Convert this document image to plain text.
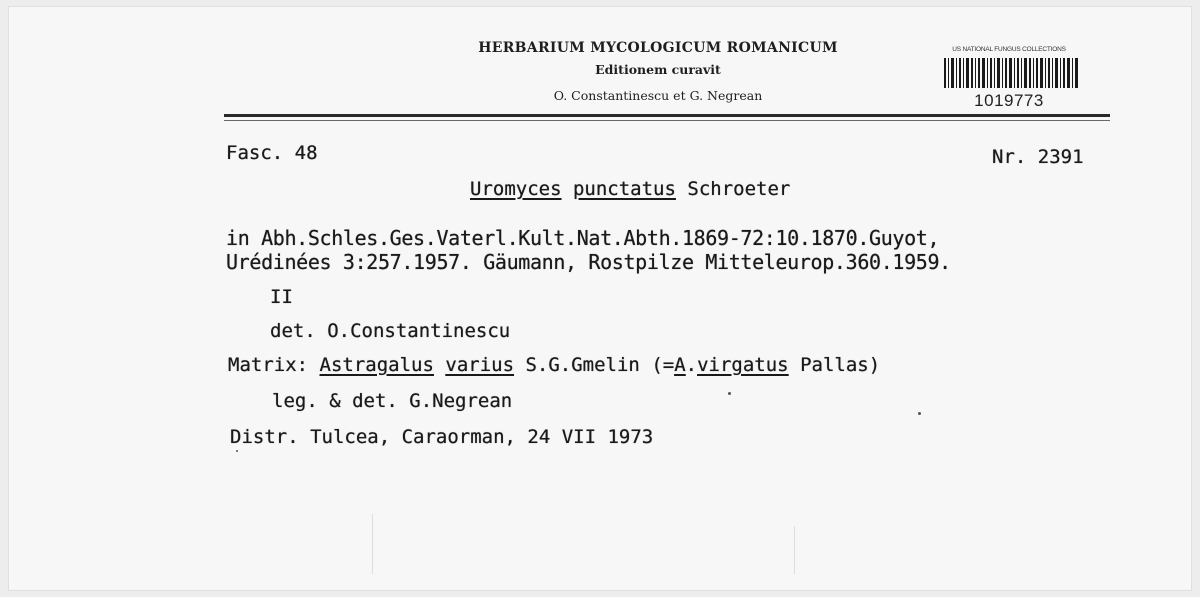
HERBARIUM MYCOLOGICUM ROMANICUM
Editionem curavit
O. Constantinescu et G. Negrean
US NATIONAL FUNGUS COLLECTIONS
1019773
Fasc. 48	Nr. 2391
Uromyces punctatus Schroeter
in Abh.Schles.Ges.Vaterl.Kult.Nat.Abth.1869-72:10.1870.Guyot,
Urédinées 3:257.1957. Gäumann, Rostpilze Mitteleurop.360.1959.
II
det. O.Constantinescu
Matrix: Astragalus varius S.G.Gmelin (=A.virgatus Pallas)
leg. & det. G.Negrean
Distr. Tulcea, Caraorman, 24 VII 1973
